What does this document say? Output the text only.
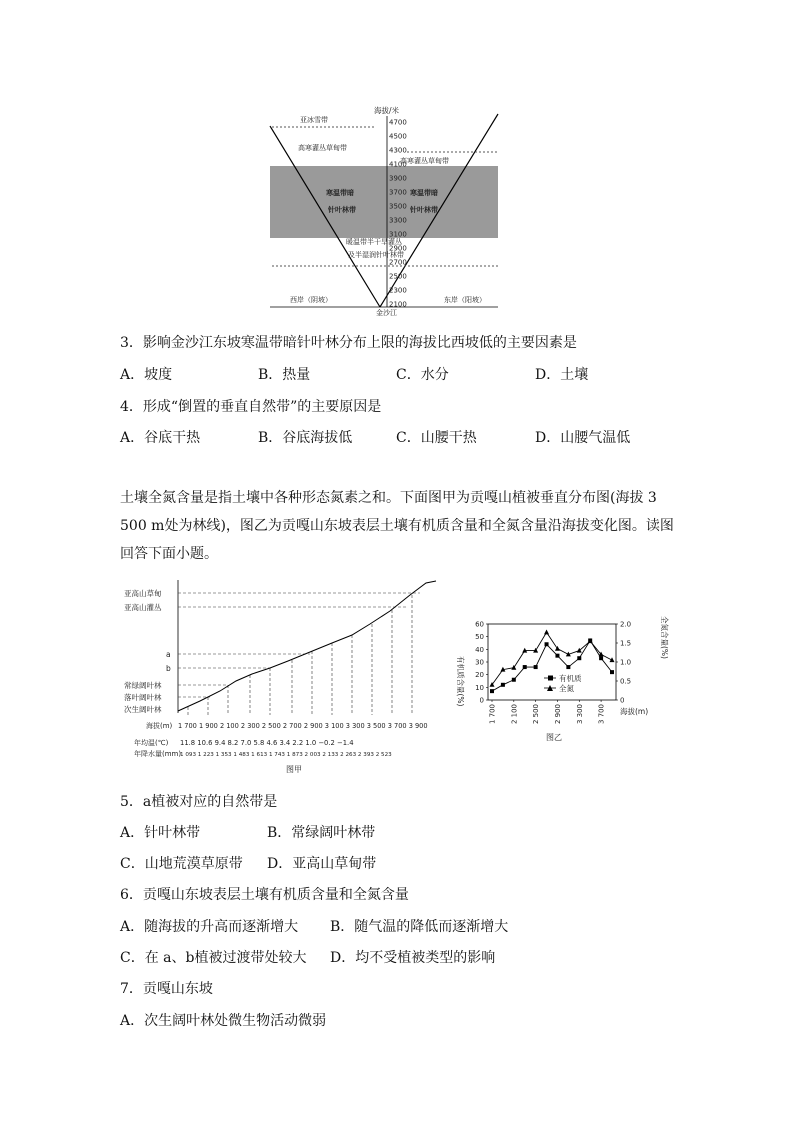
海拔/米
4700
4500
4300
4100
3900
3700
3500
3300
3100
2900
2700
2500
2300
2100
亚冰雪带
高寒灌丛草甸带
寒温带暗
针叶林带
暖温带半干旱灌丛
及半湿润针叶林带
高寒灌丛草甸带
寒温带暗
针叶林带
西岸（阴坡）	东岸（阳坡）
金沙江
3．影响金沙江东坡寒温带暗针叶林分布上限的海拔比西坡低的主要因素是
A．坡度	B．热量	C．水分	D．土壤
4．形成“倒置的垂直自然带”的主要原因是
A．谷底干热	B．谷底海拔低	C．山腰干热	D．山腰气温低
土壤全氮含量是指土壤中各种形态氮素之和。下面图甲为贡嘎山植被垂直分布图(海拔 3
500 m处为林线)，图乙为贡嘎山东坡表层土壤有机质含量和全氮含量沿海拔变化图。读图
回答下面小题。
亚高山草甸
亚高山灌丛
a
b
常绿阔叶林
落叶阔叶林
次生阔叶林
海拔(m) 1 700 1 900 2 100 2 300 2 500 2 700 2 900 3 100 3 300 3 500 3 700 3 900
年均温(℃) 11.8 10.6 9.4 8.2 7.0 5.8 4.6 3.4 2.2 1.0 −0.2 −1.4
年降水量(mm)
1 093 1 223 1 353 1 483 1 613 1 743 1 873 2 003 2 133 2 263 2 393 2 523
图甲
有机质含量(%)
全氮含量(%)
60
50
40
30
20
10
0
2.0
1.5
1.0
0.5
0
1 700 2 100 2 500 2 900 3 300 3 700
有机质
全氮
海拔(m)
图乙
5．a植被对应的自然带是
A．针叶林带	B．常绿阔叶林带
C．山地荒漠草原带 D．亚高山草甸带
6．贡嘎山东坡表层土壤有机质含量和全氮含量
A．随海拔的升高而逐渐增大 B．随气温的降低而逐渐增大
C．在 a、b植被过渡带处较大 D．均不受植被类型的影响
7．贡嘎山东坡
A．次生阔叶林处微生物活动微弱
